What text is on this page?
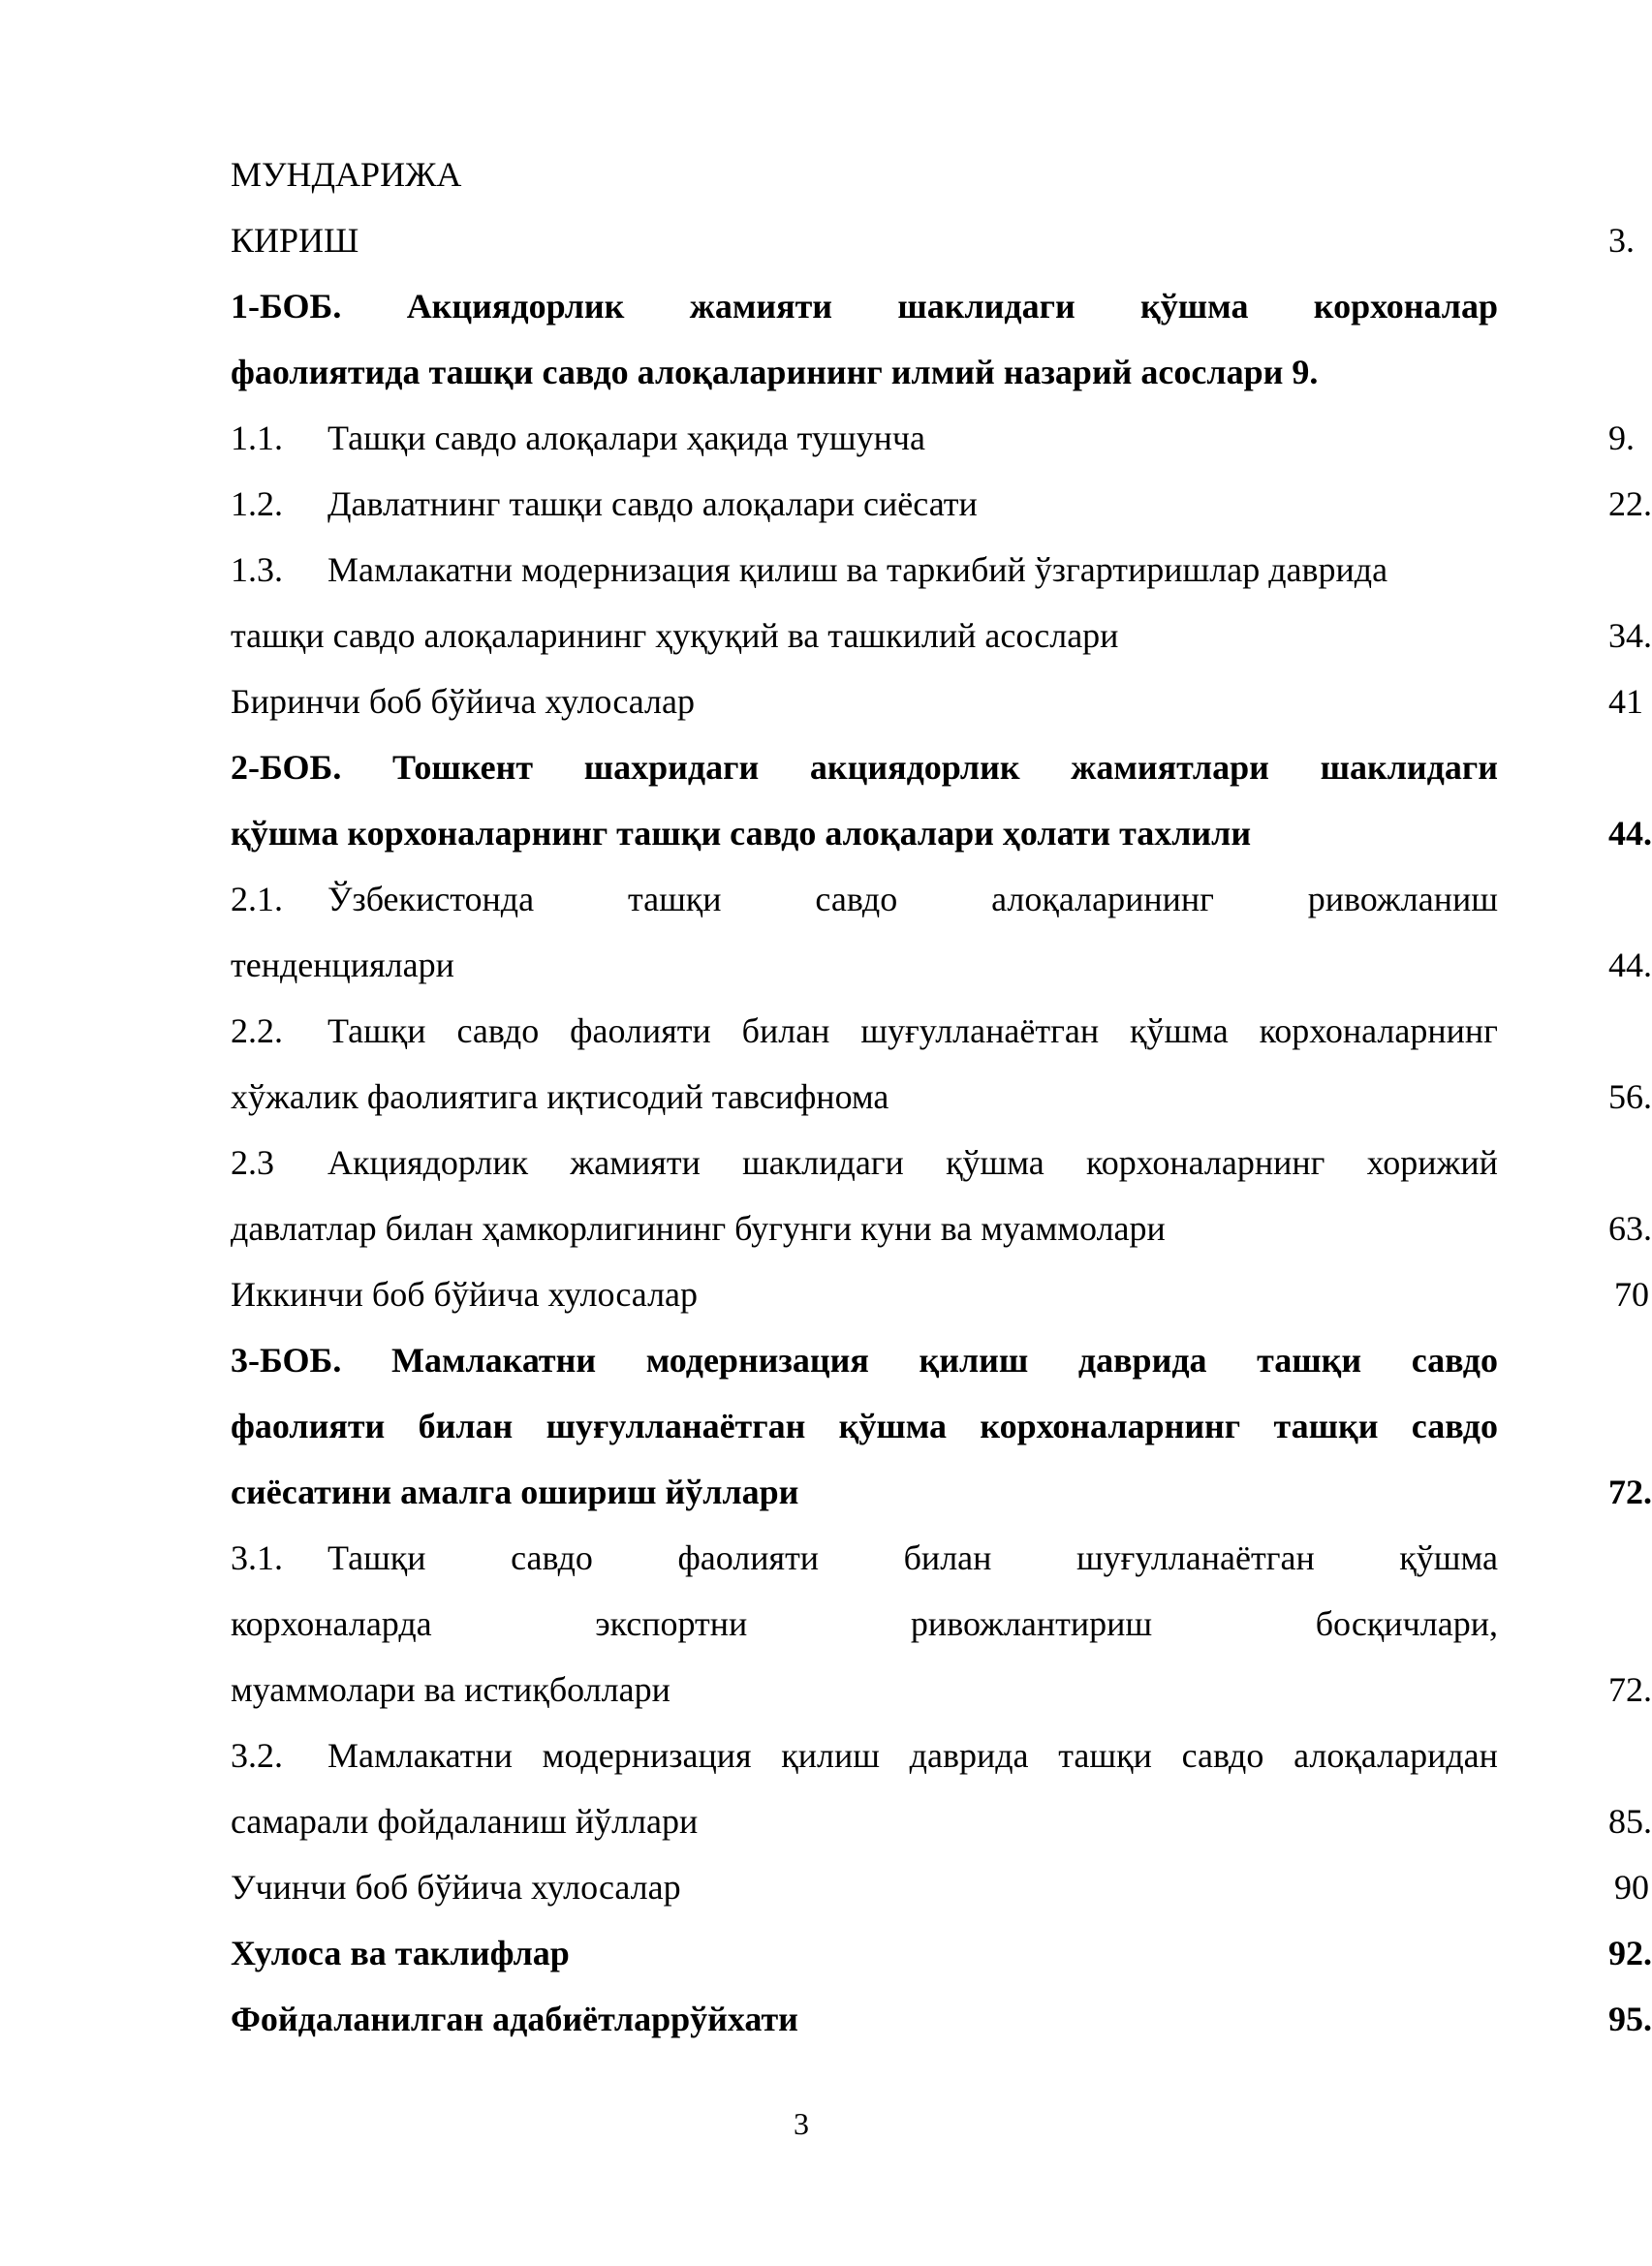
МУНДАРИЖА
КИРИШ	3.
1-БОБ. Акциядорлик жамияти шаклидаги қўшма корхоналар
фаолиятида ташқи савдо алоқаларининг илмий назарий асослари 9.
1.1. Ташқи савдо алоқалари ҳақида тушунча	9.
1.2. Давлатнинг ташқи савдо алоқалари сиёсати	22.
1.3. Мамлакатни модернизация қилиш ва таркибий ўзгартиришлар даврида
ташқи савдо алоқаларининг ҳуқуқий ва ташкилий асослари	34.
Биринчи боб бўйича хулосалар	41
2-БОБ. Тошкент шахридаги акциядорлик жамиятлари шаклидаги
қўшма корхоналарнинг ташқи савдо алоқалари ҳолати тахлили	44.
2.1. Ўзбекистонда	ташқи	савдо	алоқаларининг	ривожланиш
тенденциялари	44.
2.2. Ташқи савдо фаолияти билан шуғулланаётган қўшма корхоналарнинг
хўжалик фаолиятига иқтисодий тавсифнома	56.
2.3 Акциядорлик жамияти шаклидаги қўшма корхоналарнинг хорижий
давлатлар билан ҳамкорлигининг бугунги куни ва муаммолари	63.
Иккинчи боб бўйича хулосалар	70
3-БОБ. Мамлакатни модернизация қилиш даврида ташқи савдо
фаолияти билан шуғулланаётган қўшма корхоналарнинг ташқи савдо
сиёсатини амалга ошириш йўллари	72.
3.1. Ташқи савдо фаолияти билан шуғулланаётган қўшма
корхоналарда	экспортни	ривожлантириш	босқичлари,
муаммолари ва истиқболлари	72.
3.2. Мамлакатни модернизация қилиш даврида ташқи савдо алоқаларидан
самарали фойдаланиш йўллари	85.
Учинчи боб бўйича хулосалар	90
Хулоса ва таклифлар	92.
Фойдаланилган адабиётларрўйхати	95.
3
